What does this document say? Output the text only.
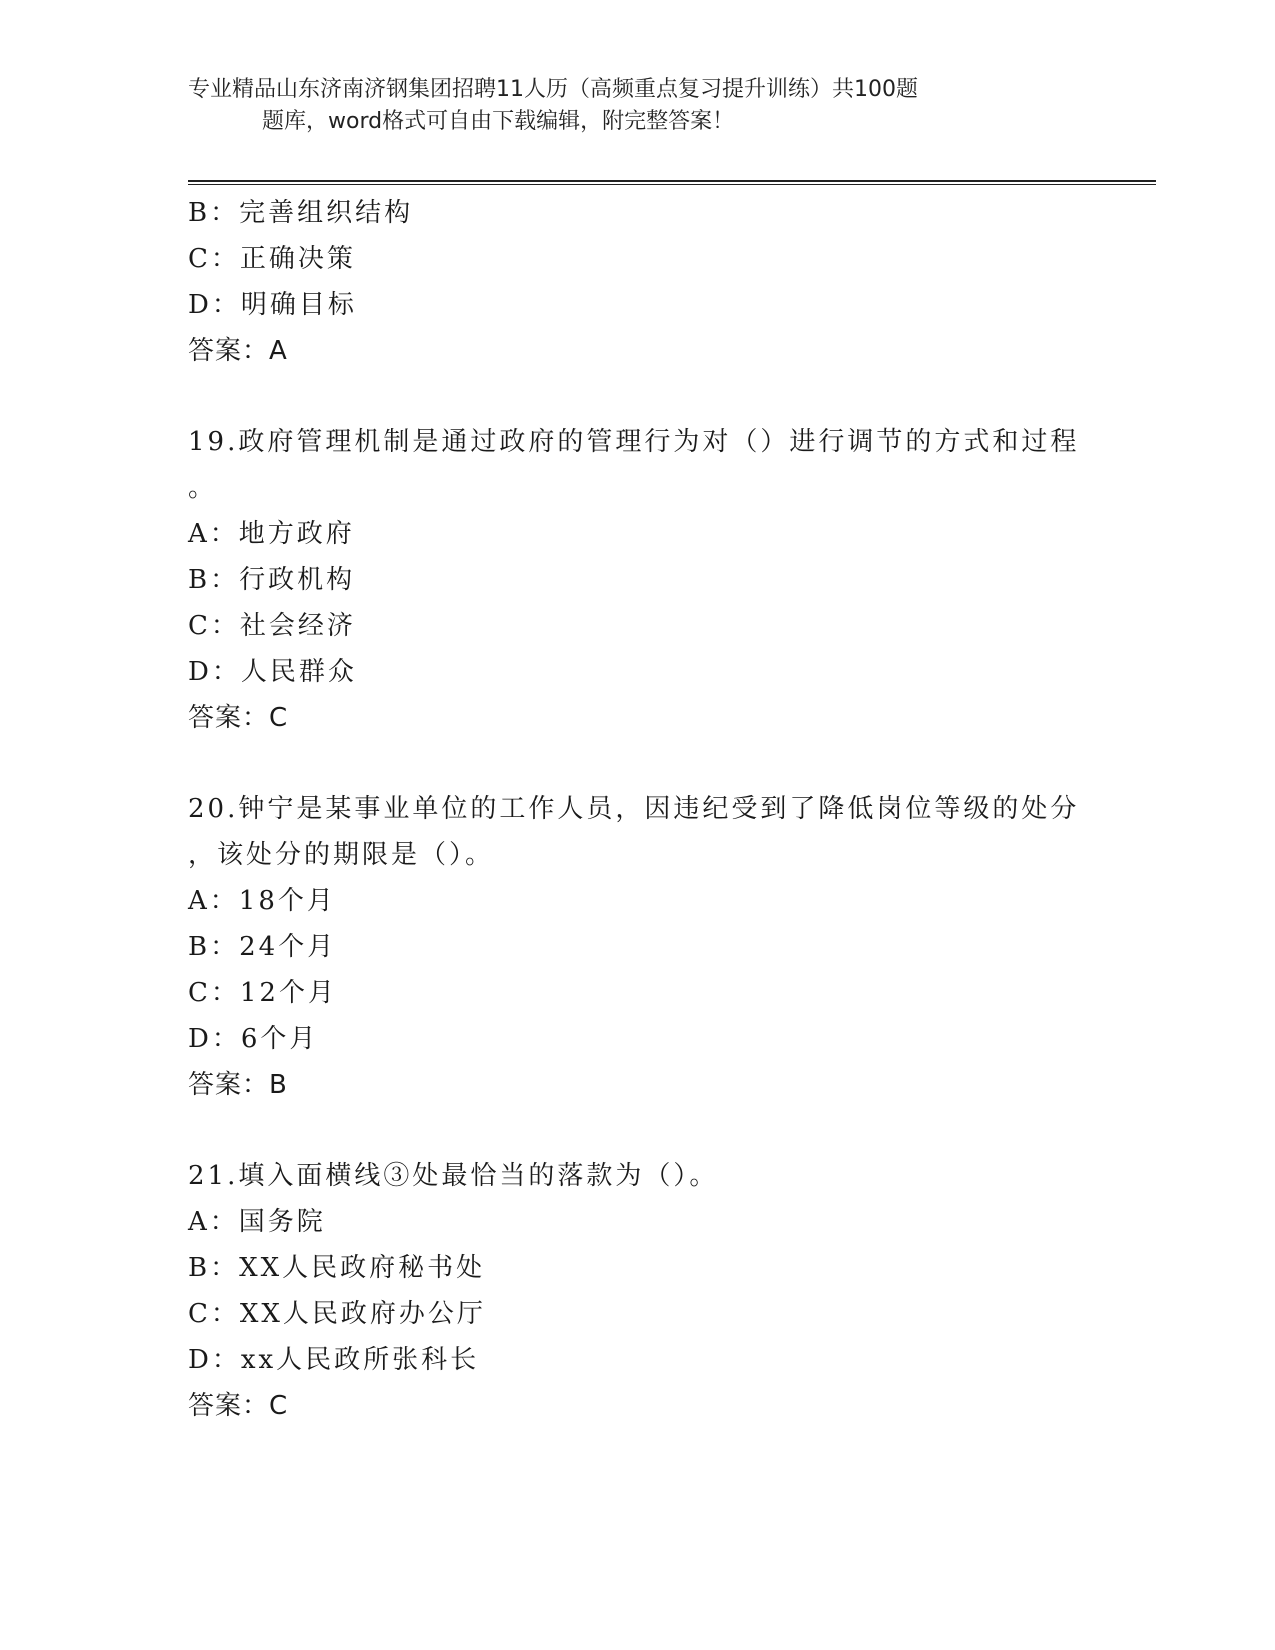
专业精品山东济南济钢集团招聘11人历（高频重点复习提升训练）共100题
题库，word格式可自由下载编辑，附完整答案！
B：完善组织结构
C：正确决策
D：明确目标
答案：A
19.政府管理机制是通过政府的管理行为对（）进行调节的方式和过程
。
A：地方政府
B：行政机构
C：社会经济
D：人民群众
答案：C
20.钟宁是某事业单位的工作人员，因违纪受到了降低岗位等级的处分
，该处分的期限是（）。
A：18个月
B：24个月
C：12个月
D：6个月
答案：B
21.填入面横线③处最恰当的落款为（）。
A：国务院
B：XX人民政府秘书处
C：XX人民政府办公厅
D：xx人民政所张科长
答案：C
